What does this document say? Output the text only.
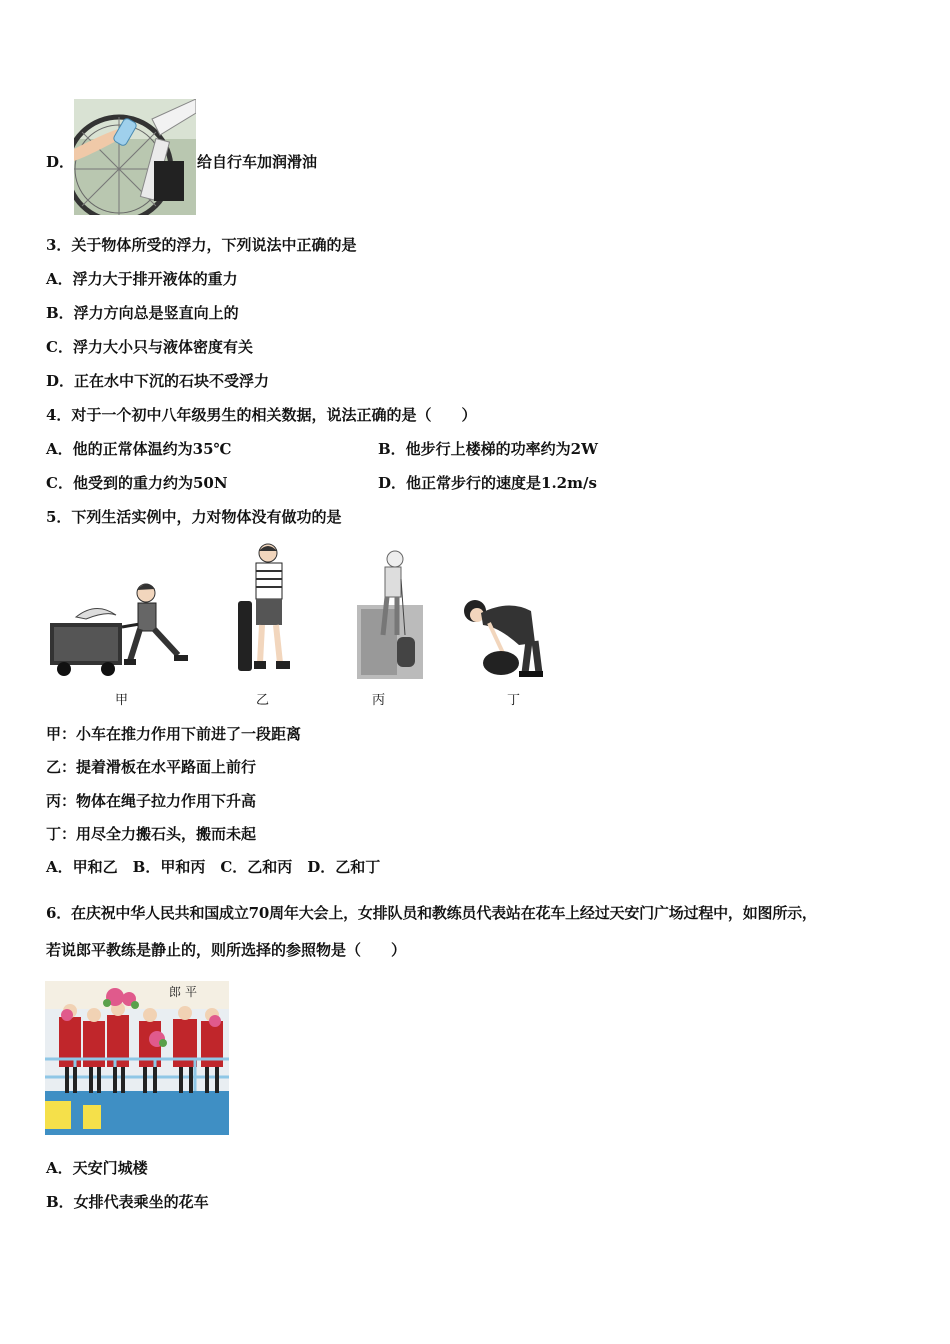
D．	给自行车加润滑油
3．关于物体所受的浮力，下列说法中正确的是
A．浮力大于排开液体的重力
B．浮力方向总是竖直向上的
C．浮力大小只与液体密度有关
D．正在水中下沉的石块不受浮力
4．对于一个初中八年级男生的相关数据，说法正确的是（　　）
A．他的正常体温约为35℃	B．他步行上楼梯的功率约为2W
C．他受到的重力约为50N	D．他正常步行的速度是1.2m/s
5．下列生活实例中，力对物体没有做功的是
甲	乙	丙	丁
甲：小车在推力作用下前进了一段距离
乙：提着滑板在水平路面上前行
丙：物体在绳子拉力作用下升高
丁：用尽全力搬石头，搬而未起
A．甲和乙　B．甲和丙　C．乙和丙　D．乙和丁
6．在庆祝中华人民共和国成立70周年大会上，女排队员和教练员代表站在花车上经过天安门广场过程中，如图所示，
若说郎平教练是静止的，则所选择的参照物是（　　）
郎平
A．天安门城楼
B．女排代表乘坐的花车
